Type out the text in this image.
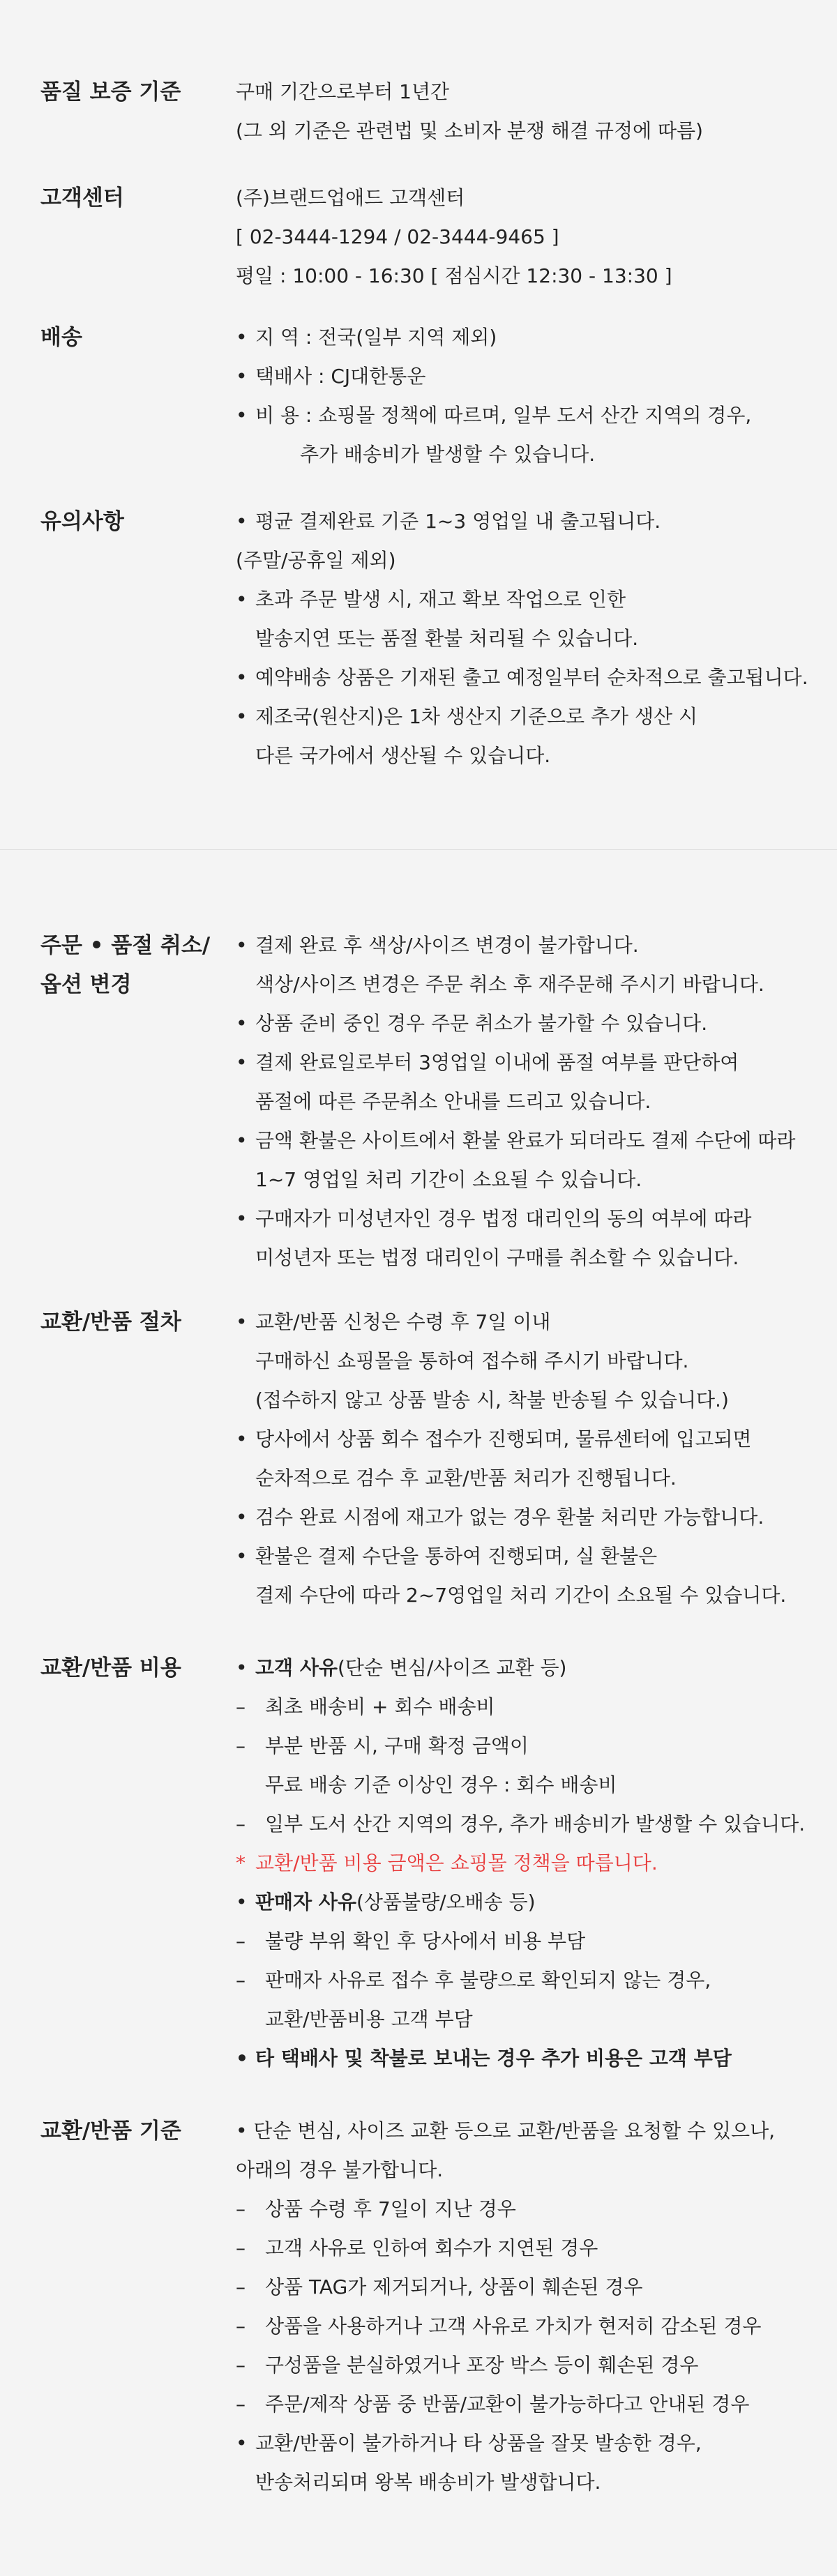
품질 보증 기준	구매 기간으로부터 1년간
(그 외 기준은 관련법 및 소비자 분쟁 해결 규정에 따름)
고객센터	(주)브랜드업애드 고객센터
[ 02-3444-1294 / 02-3444-9465 ]
평일 : 10:00 - 16:30 [ 점심시간 12:30 - 13:30 ]
배송	• 지 역 : 전국(일부 지역 제외)
• 택배사 : CJ대한통운
• 비 용 : 쇼핑몰 정책에 따르며, 일부 도서 산간 지역의 경우,
추가 배송비가 발생할 수 있습니다.
유의사항	• 평균 결제완료 기준 1~3 영업일 내 출고됩니다.
(주말/공휴일 제외)
• 초과 주문 발생 시, 재고 확보 작업으로 인한
발송지연 또는 품절 환불 처리될 수 있습니다.
• 예약배송 상품은 기재된 출고 예정일부터 순차적으로 출고됩니다.
• 제조국(원산지)은 1차 생산지 기준으로 추가 생산 시
다른 국가에서 생산될 수 있습니다.
주문 • 품절 취소/
옵션 변경
• 결제 완료 후 색상/사이즈 변경이 불가합니다.
색상/사이즈 변경은 주문 취소 후 재주문해 주시기 바랍니다.
• 상품 준비 중인 경우 주문 취소가 불가할 수 있습니다.
• 결제 완료일로부터 3영업일 이내에 품절 여부를 판단하여
품절에 따른 주문취소 안내를 드리고 있습니다.
• 금액 환불은 사이트에서 환불 완료가 되더라도 결제 수단에 따라
1~7 영업일 처리 기간이 소요될 수 있습니다.
• 구매자가 미성년자인 경우 법정 대리인의 동의 여부에 따라
미성년자 또는 법정 대리인이 구매를 취소할 수 있습니다.
교환/반품 절차	• 교환/반품 신청은 수령 후 7일 이내
구매하신 쇼핑몰을 통하여 접수해 주시기 바랍니다.
(접수하지 않고 상품 발송 시, 착불 반송될 수 있습니다.)
• 당사에서 상품 회수 접수가 진행되며, 물류센터에 입고되면
순차적으로 검수 후 교환/반품 처리가 진행됩니다.
• 검수 완료 시점에 재고가 없는 경우 환불 처리만 가능합니다.
• 환불은 결제 수단을 통하여 진행되며, 실 환불은
결제 수단에 따라 2~7영업일 처리 기간이 소요될 수 있습니다.
교환/반품 비용	• 고객 사유(단순 변심/사이즈 교환 등)
– 최초 배송비 + 회수 배송비
– 부분 반품 시, 구매 확정 금액이
무료 배송 기준 이상인 경우 : 회수 배송비
– 일부 도서 산간 지역의 경우, 추가 배송비가 발생할 수 있습니다.
* 교환/반품 비용 금액은 쇼핑몰 정책을 따릅니다.
• 판매자 사유(상품불량/오배송 등)
– 불량 부위 확인 후 당사에서 비용 부담
– 판매자 사유로 접수 후 불량으로 확인되지 않는 경우,
교환/반품비용 고객 부담
• 타 택배사 및 착불로 보내는 경우 추가 비용은 고객 부담
교환/반품 기준	• 단순 변심, 사이즈 교환 등으로 교환/반품을 요청할 수 있으나,
아래의 경우 불가합니다.
– 상품 수령 후 7일이 지난 경우
– 고객 사유로 인하여 회수가 지연된 경우
– 상품 TAG가 제거되거나, 상품이 훼손된 경우
– 상품을 사용하거나 고객 사유로 가치가 현저히 감소된 경우
– 구성품을 분실하였거나 포장 박스 등이 훼손된 경우
– 주문/제작 상품 중 반품/교환이 불가능하다고 안내된 경우
• 교환/반품이 불가하거나 타 상품을 잘못 발송한 경우,
반송처리되며 왕복 배송비가 발생합니다.
